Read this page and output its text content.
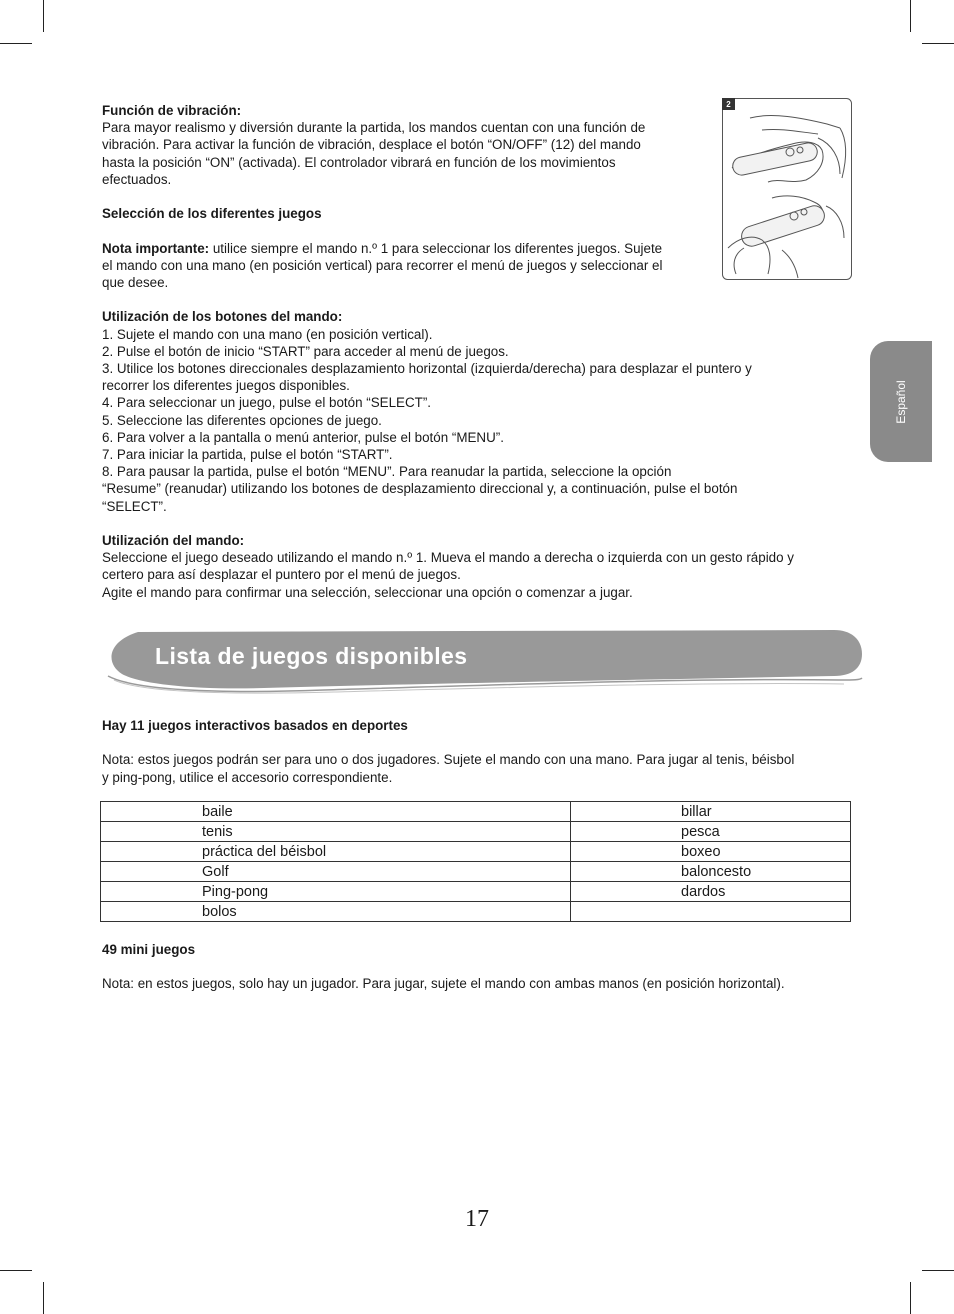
Función de vibración:

Para mayor realismo y diversión durante la partida, los mandos cuentan con una función de

vibración. Para activar la función de vibración, desplace el botón “ON/OFF” (12) del mando

hasta la posición “ON” (activada). El controlador vibrará en función de los movimientos

efectuados.

Selección de los diferentes juegos

Nota importante: utilice siempre el mando n.º 1 para seleccionar los diferentes juegos. Sujete

el mando con una mano (en posición vertical) para recorrer el menú de juegos y seleccionar el

que desee.

Utilización de los botones del mando:

1. Sujete el mando con una mano (en posición vertical).

2. Pulse el botón de inicio “START” para acceder al menú de juegos.

3. Utilice los botones direccionales desplazamiento horizontal (izquierda/derecha) para desplazar el puntero y

recorrer los diferentes juegos disponibles.

4. Para seleccionar un juego, pulse el botón “SELECT”.

5. Seleccione las diferentes opciones de juego.

6. Para volver a la pantalla o menú anterior, pulse el botón “MENU”.

7. Para iniciar la partida, pulse el botón “START”.

8. Para pausar la partida, pulse el botón “MENU”. Para reanudar la partida, seleccione la opción

“Resume” (reanudar) utilizando los botones de desplazamiento direccional y, a continuación, pulse el botón

“SELECT”.

Utilización del mando:

Seleccione el juego deseado utilizando el mando n.º 1. Mueva el mando a derecha o izquierda con un gesto rápido y

certero para así desplazar el puntero por el menú de juegos.

Agite el mando para confirmar una selección, seleccionar una opción o comenzar a jugar.

2
Español
Lista de juegos disponibles

Hay 11 juegos interactivos basados en deportes

Nota: estos juegos podrán ser para uno o dos jugadores. Sujete el mando con una mano. Para jugar al tenis, béisbol

y ping-pong, utilice el accesorio correspondiente.

baile	billar
tenis	pesca
práctica del béisbol	boxeo
Golf	baloncesto
Ping-pong	dardos
bolos	

49 mini juegos

Nota: en estos juegos, solo hay un jugador. Para jugar, sujete el mando con ambas manos (en posición horizontal).

17
